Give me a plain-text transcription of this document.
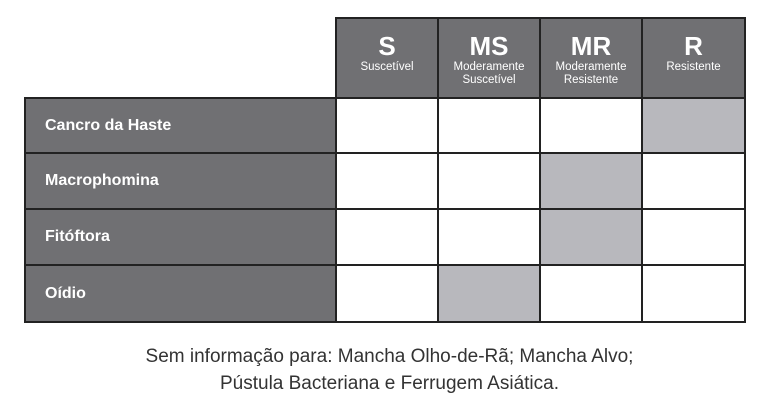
S
Suscetível
MS
Moderamente
Suscetível
MR
Moderamente
Resistente
R
Resistente
Cancro da Haste
Macrophomina
Fitóftora
Oídio
Sem informação para: Mancha Olho-de-Rã; Mancha Alvo;
Pústula Bacteriana e Ferrugem Asiática.
